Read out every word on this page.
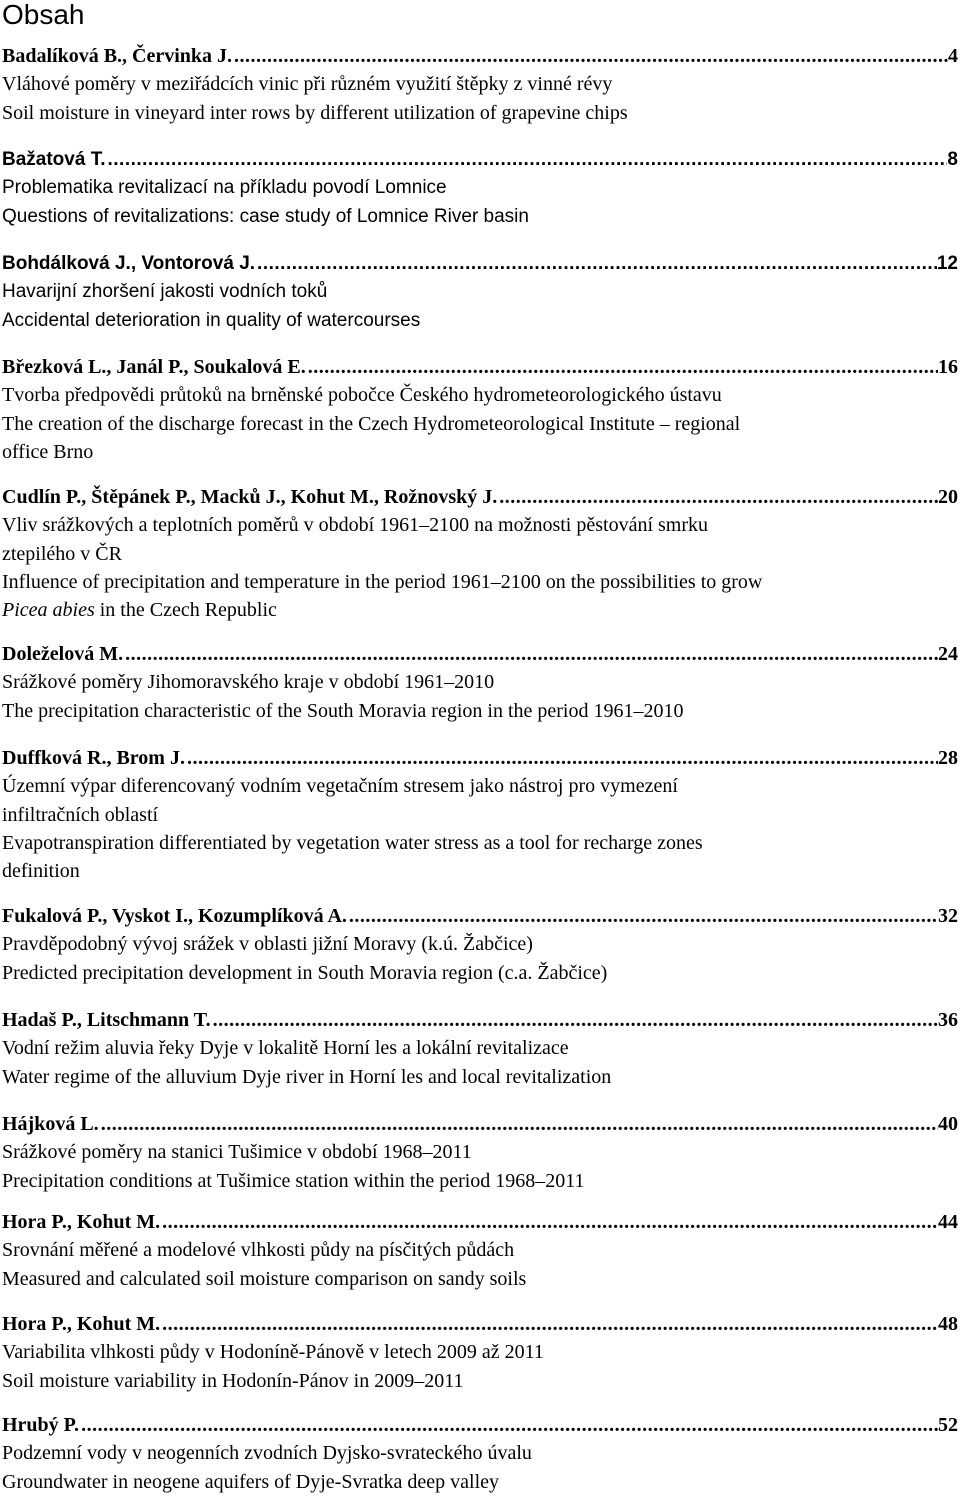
Obsah
Badalíková B., Červinka J. .....	4
Vláhové poměry v meziřádcích vinic při různém využití štěpky z vinné révy
Soil moisture in vineyard inter rows by different utilization of grapevine chips
Bažatová T. .....	8
Problematika revitalizací na příkladu povodí Lomnice
Questions of revitalizations: case study of Lomnice River basin
Bohdálková J., Vontorová J. .....	12
Havarijní zhoršení jakosti vodních toků
Accidental deterioration in quality of watercourses
Březková L., Janál P., Soukalová E. .....	16
Tvorba předpovědi průtoků na brněnské pobočce Českého hydrometeorologického ústavu
The creation of the discharge forecast in the Czech Hydrometeorological Institute – regional
office Brno
Cudlín P., Štěpánek P., Macků J., Kohut M., Rožnovský J. .....	20
Vliv srážkových a teplotních poměrů v období 1961–2100 na možnosti pěstování smrku
ztepilého v ČR
Influence of precipitation and temperature in the period 1961–2100 on the possibilities to grow
Picea abies in the Czech Republic
Doleželová M. .....	24
Srážkové poměry Jihomoravského kraje v období 1961–2010
The precipitation characteristic of the South Moravia region in the period 1961–2010
Duffková R., Brom J. .....	28
Územní výpar diferencovaný vodním vegetačním stresem jako nástroj pro vymezení
infiltračních oblastí
Evapotranspiration differentiated by vegetation water stress as a tool for recharge zones
definition
Fukalová P., Vyskot I., Kozumplíková A. .....	32
Pravděpodobný vývoj srážek v oblasti jižní Moravy (k.ú. Žabčice)
Predicted precipitation development in South Moravia region (c.a. Žabčice)
Hadaš P., Litschmann T. .....	36
Vodní režim aluvia řeky Dyje v lokalitě Horní les a lokální revitalizace
Water regime of the alluvium Dyje river in Horní les and local revitalization
Hájková L. .....	40
Srážkové poměry na stanici Tušimice v období 1968–2011
Precipitation conditions at Tušimice station within the period 1968–2011
Hora P., Kohut M. .....	44
Srovnání měřené a modelové vlhkosti půdy na písčitých půdách
Measured and calculated soil moisture comparison on sandy soils
Hora P., Kohut M. .....	48
Variabilita vlhkosti půdy v Hodoníně-Pánově v letech 2009 až 2011
Soil moisture variability in Hodonín-Pánov in 2009–2011
Hrubý P. .....	52
Podzemní vody v neogenních zvodních Dyjsko-svrateckého úvalu
Groundwater in neogene aquifers of Dyje-Svratka deep valley
